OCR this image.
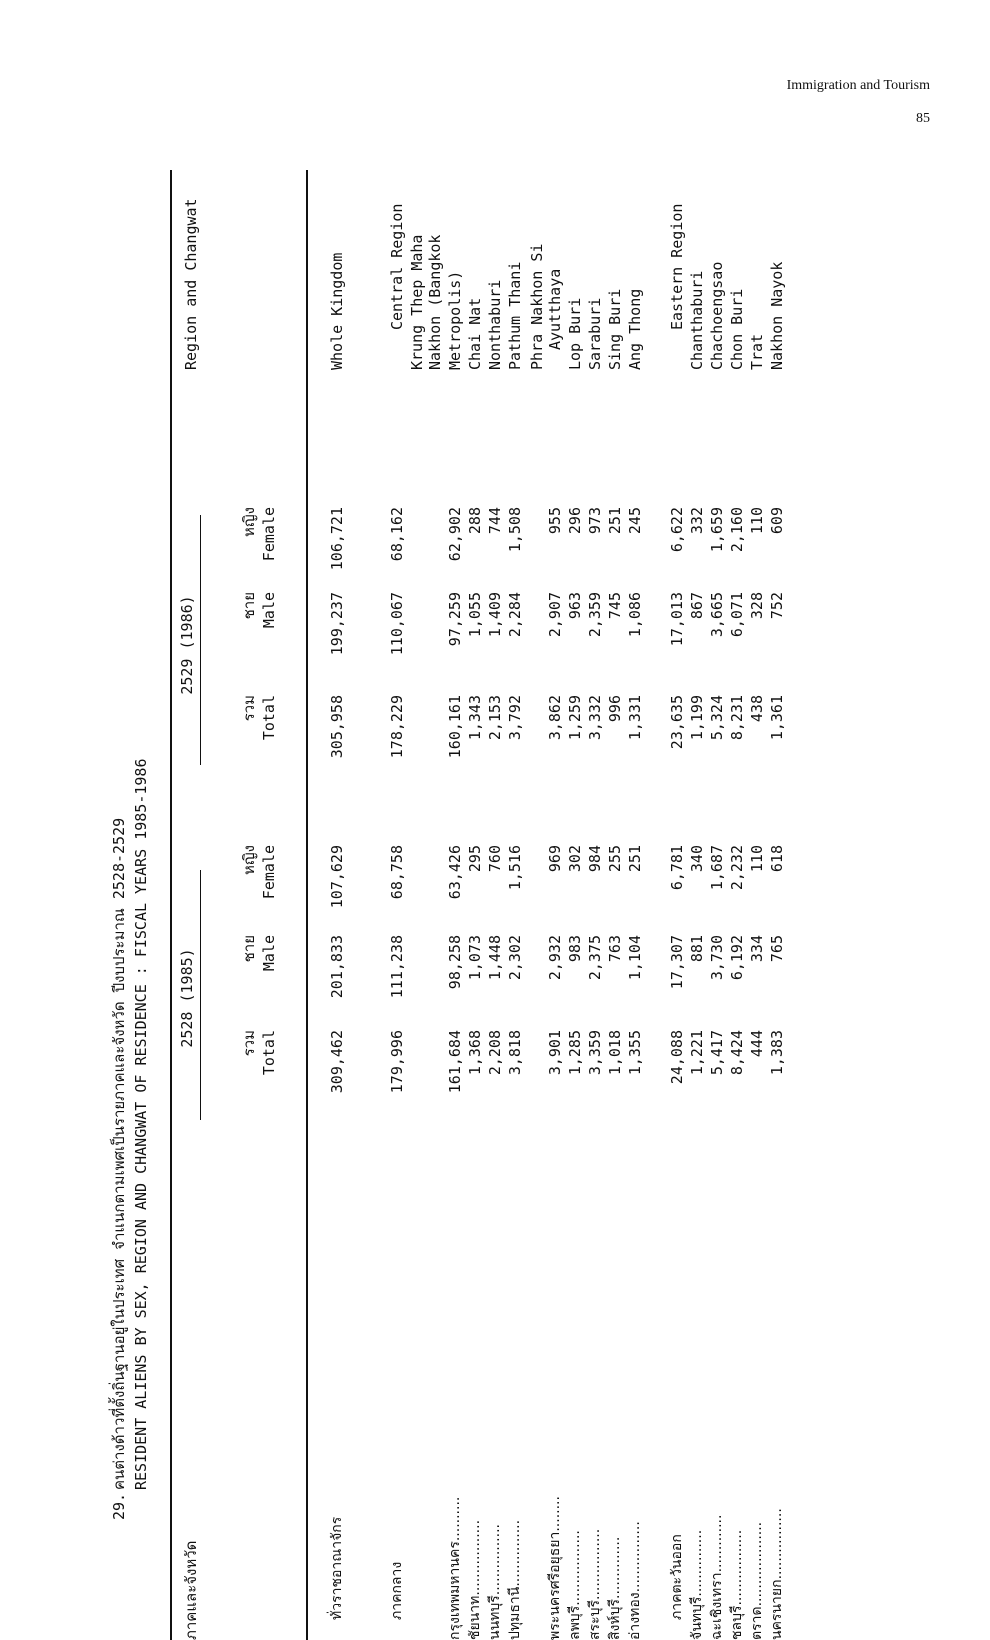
Immigration and Tourism
85
29.
คนต่างด้าวที่ตั้งถิ่นฐานอยู่ในประเทศ จำแนกตามเพศเป็นรายภาคและจังหวัด ปีงบประมาณ 2528-2529 RESIDENT ALIENS BY SEX, REGION AND CHANGWAT OF RESIDENCE : FISCAL YEARS 1985-1986
ภาคและจังหวัด
Region and Changwat
2528 (1985)
2529 (1986)
รวม Total
ชาย Male
หญิง Female
รวม Total
ชาย Male
หญิง Female
ทั่วราชอาณาจักร
Whole Kingdom
309,462
201,833
107,629
305,958
199,237
106,721
ภาคกลาง
Central Region
179,996
111,238
68,758
178,229
110,067
68,162
Krung Thep Maha Nakhon (Bangkok
กรุงเทพมหานคร..........
Metropolis)
161,684
98,258
63,426
160,161
97,259
62,902
ชัยนาท.................
Chai Nat
1,368
1,073
295
1,343
1,055
288
นนทบุรี................
Nonthaburi
2,208
1,448
760
2,153
1,409
744
ปทุมธานี...............
Pathum Thani
3,818
2,302
1,516
3,792
2,284
1,508
Phra Nakhon Si
พระนครศรีอยุธยา........
Ayutthaya
3,901
2,932
969
3,862
2,907
955
ลพบุรี.................
Lop Buri
1,285
983
302
1,259
963
296
สระบุรี................
Saraburi
3,359
2,375
984
3,332
2,359
973
สิงห์บุรี..............
Sing Buri
1,018
763
255
996
745
251
อ่างทอง................
Ang Thong
1,355
1,104
251
1,331
1,086
245
ภาคตะวันออก
Eastern Region
24,088
17,307
6,781
23,635
17,013
6,622
จันทบุรี...............
Chanthaburi
1,221
881
340
1,199
867
332
ฉะเชิงเทรา.............
Chachoengsao
5,417
3,730
1,687
5,324
3,665
1,659
ชลบุรี.................
Chon Buri
8,424
6,192
2,232
8,231
6,071
2,160
ตราด...................
Trat
444
334
110
438
328
110
นครนายก................
Nakhon Nayok
1,383
765
618
1,361
752
609
